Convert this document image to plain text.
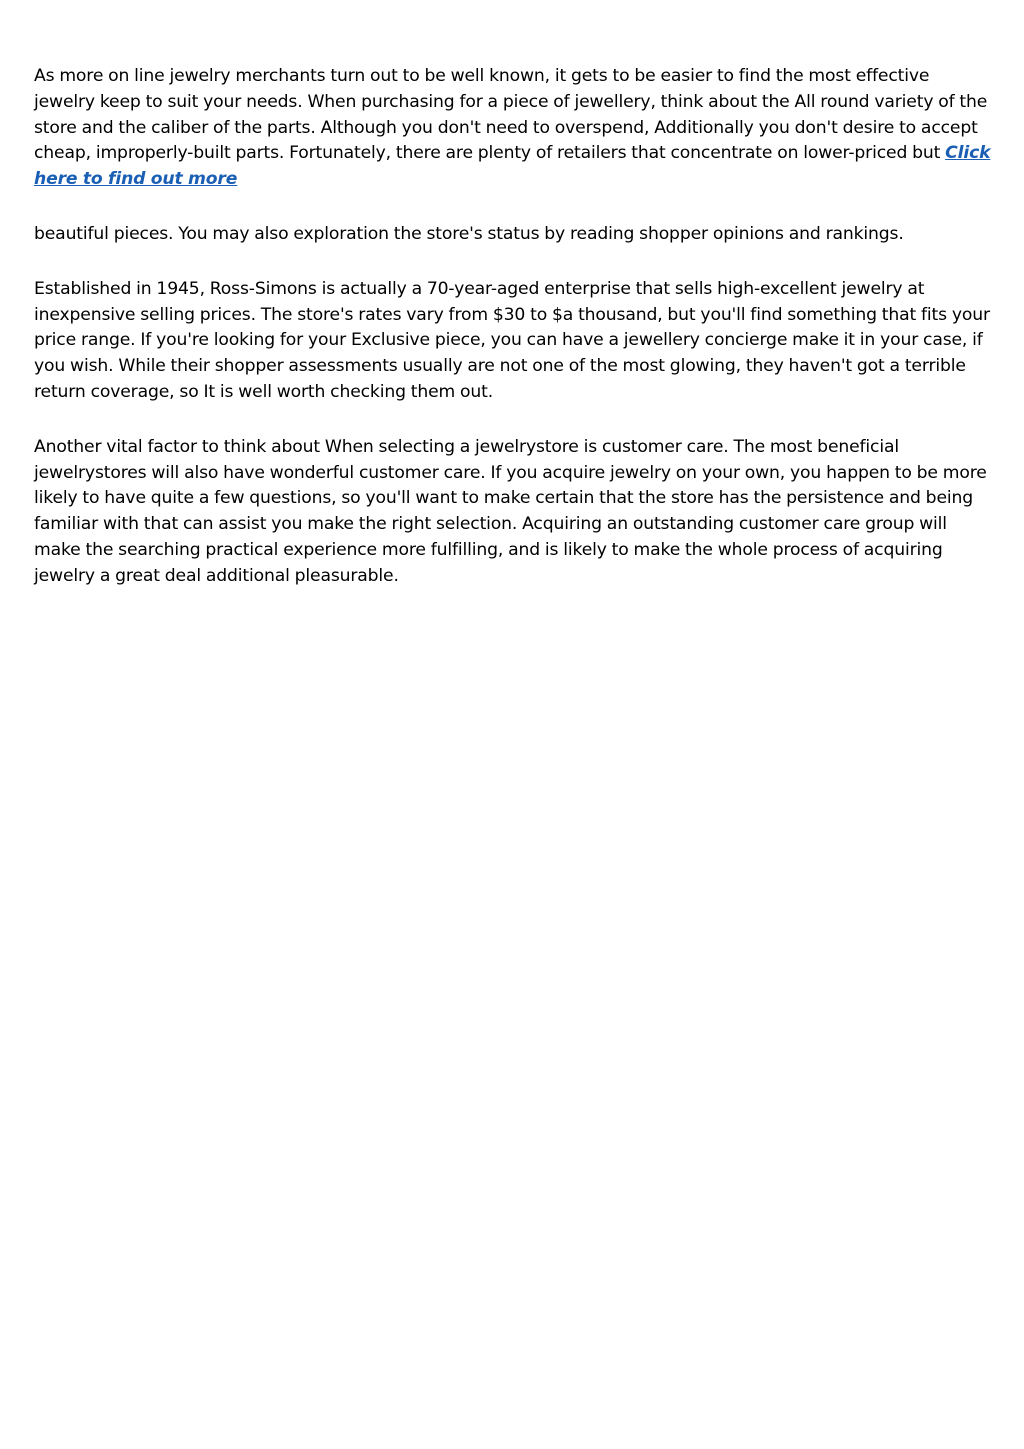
As more on line jewelry merchants turn out to be well known, it gets to be easier to find the most effective jewelry keep to suit your needs. When purchasing for a piece of jewellery, think about the All round variety of the store and the caliber of the parts. Although you don't need to overspend, Additionally you don't desire to accept cheap, improperly-built parts. Fortunately, there are plenty of retailers that concentrate on lower-priced but Click here to find out more

beautiful pieces. You may also exploration the store's status by reading shopper opinions and rankings.

Established in 1945, Ross-Simons is actually a 70-year-aged enterprise that sells high-excellent jewelry at inexpensive selling prices. The store's rates vary from $30 to $a thousand, but you'll find something that fits your price range. If you're looking for your Exclusive piece, you can have a jewellery concierge make it in your case, if you wish. While their shopper assessments usually are not one of the most glowing, they haven't got a terrible return coverage, so It is well worth checking them out.

Another vital factor to think about When selecting a jewelrystore is customer care. The most beneficial jewelrystores will also have wonderful customer care. If you acquire jewelry on your own, you happen to be more likely to have quite a few questions, so you'll want to make certain that the store has the persistence and being familiar with that can assist you make the right selection. Acquiring an outstanding customer care group will make the searching practical experience more fulfilling, and is likely to make the whole process of acquiring jewelry a great deal additional pleasurable.
